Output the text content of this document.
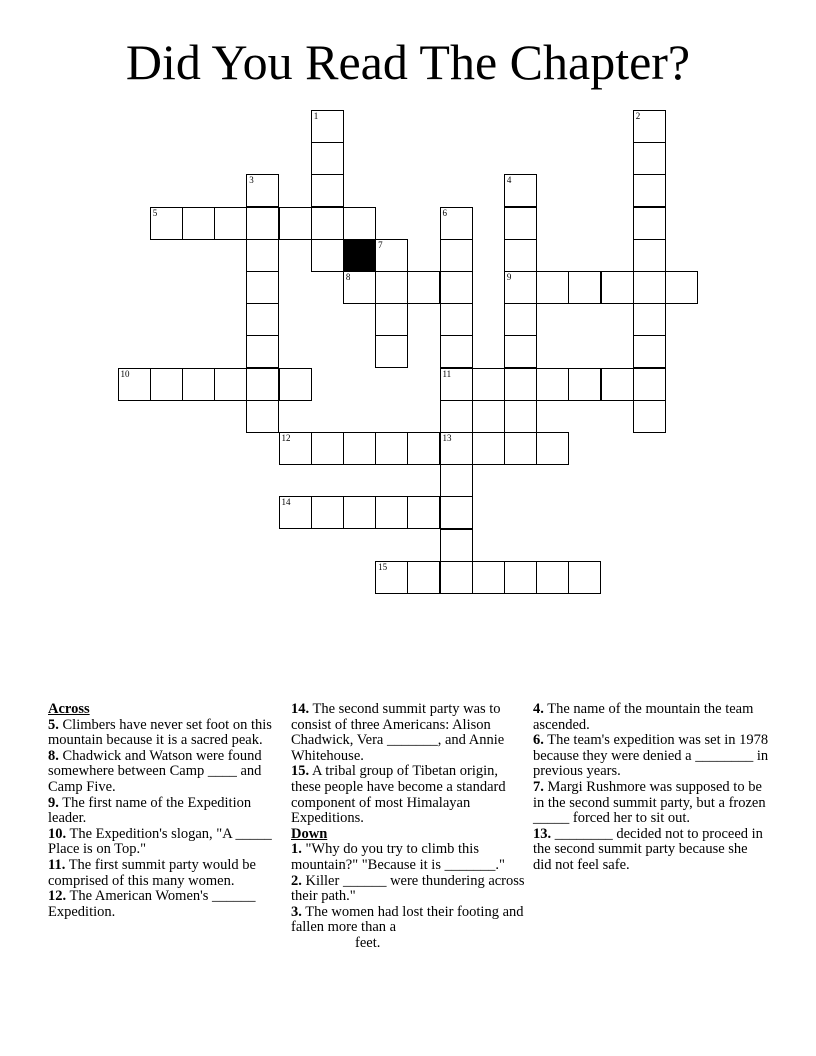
Did You Read The Chapter?
1	2
3	4
9
5	6
11
7
8
10
12	13
14
15
Across
5. Climbers have never set foot on this mountain because it is a sacred peak.
8. Chadwick and Watson were found somewhere between Camp ____ and Camp Five.
9. The first name of the Expedition leader.
10. The Expedition's slogan, "A _____ Place is on Top."
11. The first summit party would be comprised of this many women.
12. The American Women's ______ Expedition.
14. The second summit party was to consist of three Americans: Alison Chadwick, Vera _______, and Annie Whitehouse.
15. A tribal group of Tibetan origin, these people have become a standard component of most Himalayan Expeditions.
Down
1. "Why do you try to climb this mountain?" "Because it is _______."
2. Killer ______ were thundering across their path."
3. The women had lost their footing and fallen more than a
feet.
4. The name of the mountain the team ascended.
6. The team's expedition was set in 1978 because they were denied a ________ in previous years.
7. Margi Rushmore was supposed to be in the second summit party, but a frozen _____ forced her to sit out.
13. ________ decided not to proceed in the second summit party because she did not feel safe.
